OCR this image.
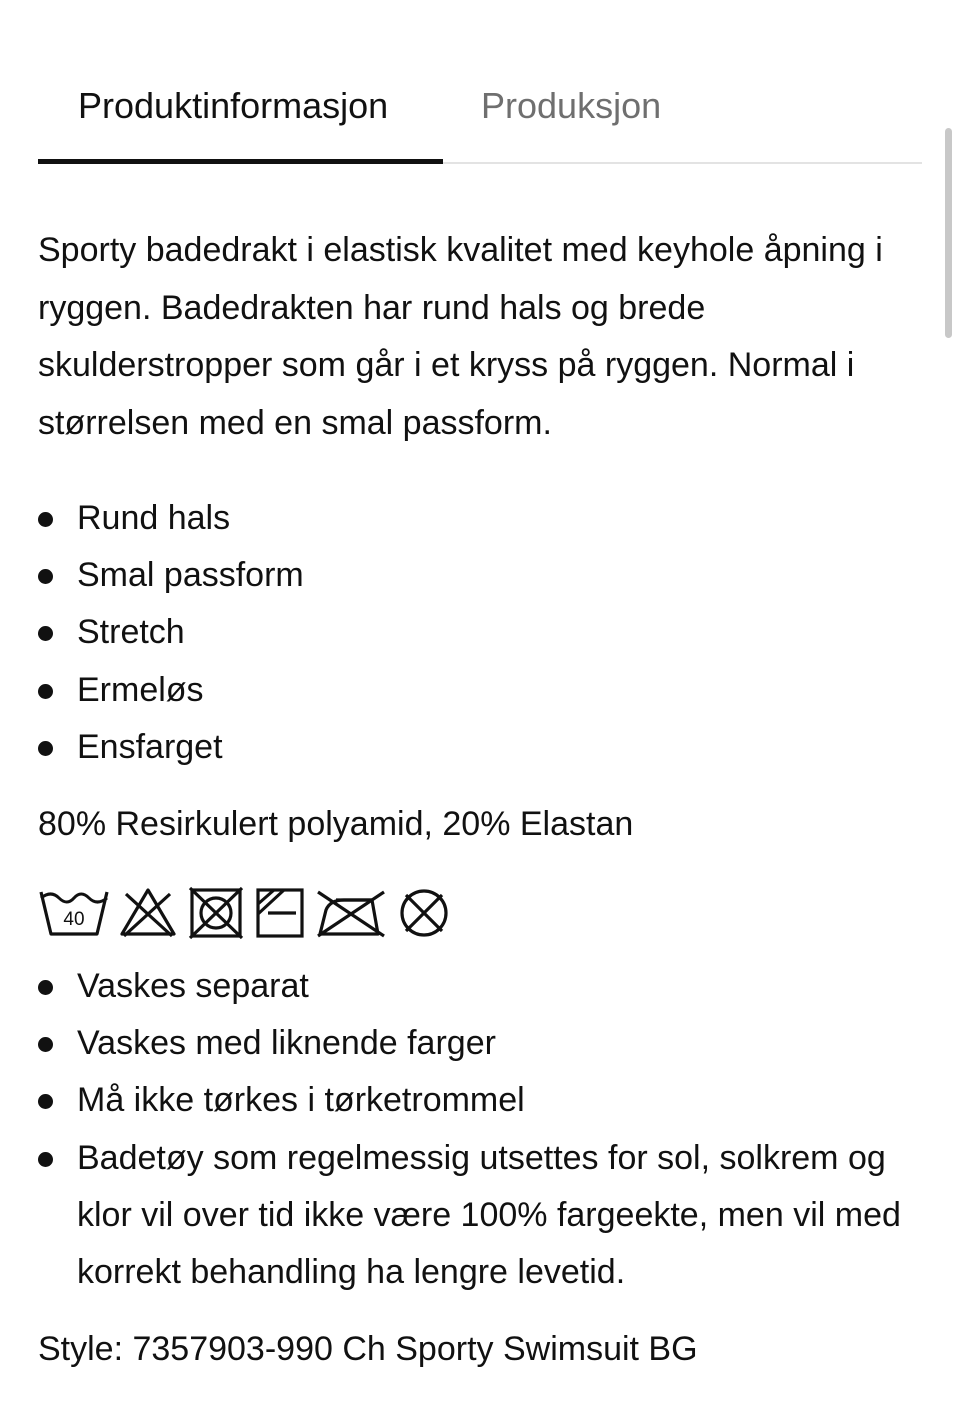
Produktinformasjon	Produksjon

Sporty badedrakt i elastisk kvalitet med keyhole åpning i ryggen. Badedrakten har rund hals og brede skulderstropper som går i et kryss på ryggen. Normal i størrelsen med en smal passform.

Rund hals
Smal passform
Stretch
Ermeløs
Ensfarget

80% Resirkulert polyamid, 20% Elastan

40
Vaskes separat
Vaskes med liknende farger
Må ikke tørkes i tørketrommel
Badetøy som regelmessig utsettes for sol, solkrem og klor vil over tid ikke være 100% fargeekte, men vil med korrekt behandling ha lengre levetid.

Style: 7357903-990 Ch Sporty Swimsuit BG
